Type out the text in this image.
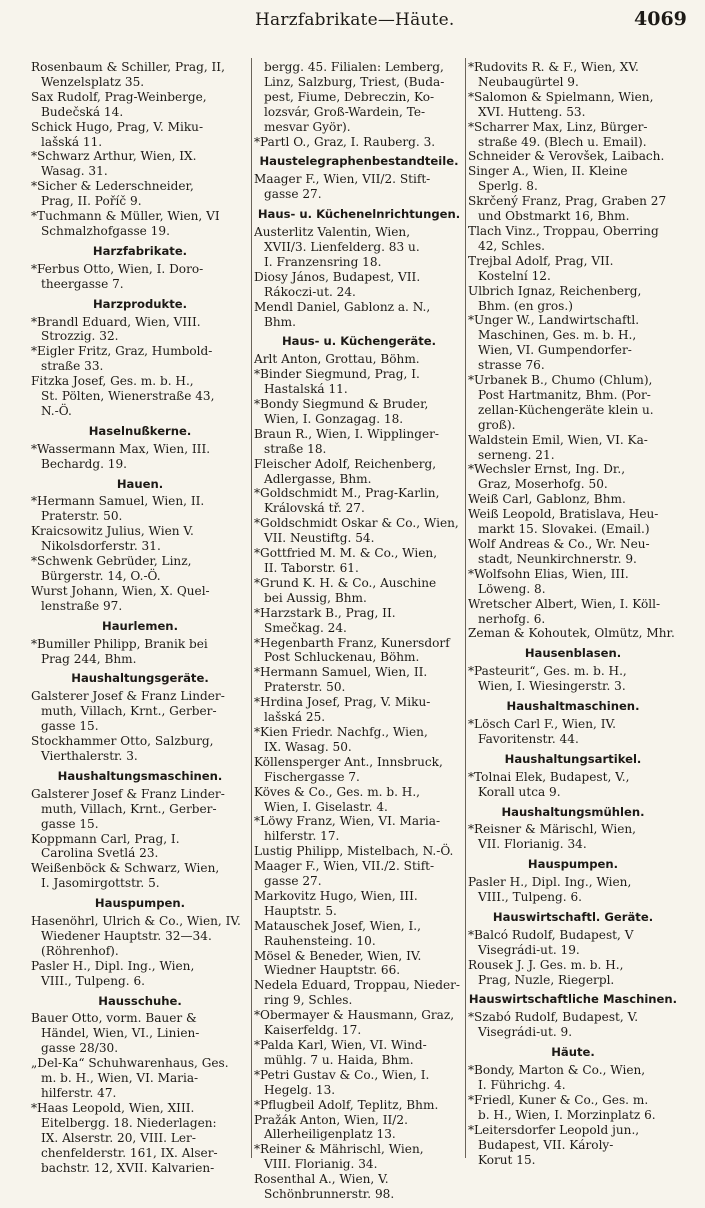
Harzfabrikate—Häute.	4069
Rosenbaum & Schiller, Prag, II,
Wenzelsplatz 35.
Sax Rudolf, Prag-Weinberge,
Budečská 14.
Schick Hugo, Prag, V. Miku-
lašská 11.
*Schwarz Arthur, Wien, IX.
Wasag. 31.
*Sicher & Lederschneider,
Prag, II. Poříč 9.
*Tuchmann & Müller, Wien, VI
Schmalzhofgasse 19.
Harzfabrikate.
*Ferbus Otto, Wien, I. Doro-
theergasse 7.
Harzprodukte.
*Brandl Eduard, Wien, VIII.
Strozzig. 32.
*Eigler Fritz, Graz, Humbold-
straße 33.
Fitzka Josef, Ges. m. b. H.,
St. Pölten, Wienerstraße 43,
N.-Ö.
Haselnußkerne.
*Wassermann Max, Wien, III.
Bechardg. 19.
Hauen.
*Hermann Samuel, Wien, II.
Praterstr. 50.
Kraicsowitz Julius, Wien V.
Nikolsdorferstr. 31.
*Schwenk Gebrüder, Linz,
Bürgerstr. 14, O.-Ö.
Wurst Johann, Wien, X. Quel-
lenstraße 97.
Haurlemen.
*Bumiller Philipp, Branik bei
Prag 244, Bhm.
Haushaltungsgeräte.
Galsterer Josef & Franz Linder-
muth, Villach, Krnt., Gerber-
gasse 15.
Stockhammer Otto, Salzburg,
Vierthalerstr. 3.
Haushaltungsmaschinen.
Galsterer Josef & Franz Linder-
muth, Villach, Krnt., Gerber-
gasse 15.
Koppmann Carl, Prag, I.
Carolina Svetlá 23.
Weißenböck & Schwarz, Wien,
I. Jasomirgottstr. 5.
Hauspumpen.
Hasenöhrl, Ulrich & Co., Wien, IV.
Wiedener Hauptstr. 32—34.
(Röhrenhof).
Pasler H., Dipl. Ing., Wien,
VIII., Tulpeng. 6.
Hausschuhe.
Bauer Otto, vorm. Bauer &
Händel, Wien, VI., Linien-
gasse 28/30.
„Del-Ka“ Schuhwarenhaus, Ges.
m. b. H., Wien, VI. Maria-
hilferstr. 47.
*Haas Leopold, Wien, XIII.
Eitelbergg. 18. Niederlagen:
IX. Alserstr. 20, VIII. Ler-
chenfelderstr. 161, IX. Alser-
bachstr. 12, XVII. Kalvarien-
bergg. 45. Filialen: Lemberg,
Linz, Salzburg, Triest, (Buda-
pest, Fiume, Debreczin, Ko-
lozsvár, Groß-Wardein, Te-
mesvar Györ).
*Partl O., Graz, I. Rauberg. 3.
Haustelegraphenbestandteile.
Maager F., Wien, VII/2. Stift-
gasse 27.
Haus- u. Küchenelnrichtungen.
Austerlitz Valentin, Wien,
XVII/3. Lienfelderg. 83 u.
I. Franzensring 18.
Diosy János, Budapest, VII.
Rákoczi-ut. 24.
Mendl Daniel, Gablonz a. N.,
Bhm.
Haus- u. Küchengeräte.
Arlt Anton, Grottau, Böhm.
*Binder Siegmund, Prag, I.
Hastalská 11.
*Bondy Siegmund & Bruder,
Wien, I. Gonzagag. 18.
Braun R., Wien, I. Wipplinger-
straße 18.
Fleischer Adolf, Reichenberg,
Adlergasse, Bhm.
*Goldschmidt M., Prag-Karlin,
Královská tř. 27.
*Goldschmidt Oskar & Co., Wien,
VII. Neustiftg. 54.
*Gottfried M. M. & Co., Wien,
II. Taborstr. 61.
*Grund K. H. & Co., Auschine
bei Aussig, Bhm.
*Harzstark B., Prag, II.
Smečkag. 24.
*Hegenbarth Franz, Kunersdorf
Post Schluckenau, Böhm.
*Hermann Samuel, Wien, II.
Praterstr. 50.
*Hrdina Josef, Prag, V. Miku-
lašská 25.
*Kien Friedr. Nachfg., Wien,
IX. Wasag. 50.
Köllensperger Ant., Innsbruck,
Fischergasse 7.
Köves & Co., Ges. m. b. H.,
Wien, I. Giselastr. 4.
*Löwy Franz, Wien, VI. Maria-
hilferstr. 17.
Lustig Philipp, Mistelbach, N.-Ö.
Maager F., Wien, VII./2. Stift-
gasse 27.
Markovitz Hugo, Wien, III.
Hauptstr. 5.
Matauschek Josef, Wien, I.,
Rauhensteing. 10.
Mösel & Beneder, Wien, IV.
Wiedner Hauptstr. 66.
Nedela Eduard, Troppau, Nieder-
ring 9, Schles.
*Obermayer & Hausmann, Graz,
Kaiserfeldg. 17.
*Palda Karl, Wien, VI. Wind-
mühlg. 7 u. Haida, Bhm.
*Petri Gustav & Co., Wien, I.
Hegelg. 13.
*Pflugbeil Adolf, Teplitz, Bhm.
Pražák Anton, Wien, II/2.
Allerheiligenplatz 13.
*Reiner & Mährischl, Wien,
VIII. Florianig. 34.
Rosenthal A., Wien, V.
Schönbrunnerstr. 98.
*Rudovits R. & F., Wien, XV.
Neubaugürtel 9.
*Salomon & Spielmann, Wien,
XVI. Hutteng. 53.
*Scharrer Max, Linz, Bürger-
straße 49. (Blech u. Email).
Schneider & Verovšek, Laibach.
Singer A., Wien, II. Kleine
Sperlg. 8.
Skrčený Franz, Prag, Graben 27
und Obstmarkt 16, Bhm.
Tlach Vinz., Troppau, Oberring
42, Schles.
Trejbal Adolf, Prag, VII.
Kostelní 12.
Ulbrich Ignaz, Reichenberg,
Bhm. (en gros.)
*Unger W., Landwirtschaftl.
Maschinen, Ges. m. b. H.,
Wien, VI. Gumpendorfer-
strasse 76.
*Urbanek B., Chumo (Chlum),
Post Hartmanitz, Bhm. (Por-
zellan-Küchengeräte klein u.
groß).
Waldstein Emil, Wien, VI. Ka-
serneng. 21.
*Wechsler Ernst, Ing. Dr.,
Graz, Moserhofg. 50.
Weiß Carl, Gablonz, Bhm.
Weiß Leopold, Bratislava, Heu-
markt 15. Slovakei. (Email.)
Wolf Andreas & Co., Wr. Neu-
stadt, Neunkirchnerstr. 9.
*Wolfsohn Elias, Wien, III.
Löweng. 8.
Wretscher Albert, Wien, I. Köll-
nerhofg. 6.
Zeman & Kohoutek, Olmütz, Mhr.
Hausenblasen.
*Pasteurit“, Ges. m. b. H.,
Wien, I. Wiesingerstr. 3.
Haushaltmaschinen.
*Lösch Carl F., Wien, IV.
Favoritenstr. 44.
Haushaltungsartikel.
*Tolnai Elek, Budapest, V.,
Korall utca 9.
Haushaltungsmühlen.
*Reisner & Märischl, Wien,
VII. Florianig. 34.
Hauspumpen.
Pasler H., Dipl. Ing., Wien,
VIII., Tulpeng. 6.
Hauswirtschaftl. Geräte.
*Balcó Rudolf, Budapest, V
Visegrádi-ut. 19.
Rousek J. J. Ges. m. b. H.,
Prag, Nuzle, Riegerpl.
Hauswirtschaftliche Maschinen.
*Szabó Rudolf, Budapest, V.
Visegrádi-ut. 9.
Häute.
*Bondy, Marton & Co., Wien,
I. Führichg. 4.
*Friedl, Kuner & Co., Ges. m.
b. H., Wien, I. Morzinplatz 6.
*Leitersdorfer Leopold jun.,
Budapest, VII. Károly-
Korut 15.
